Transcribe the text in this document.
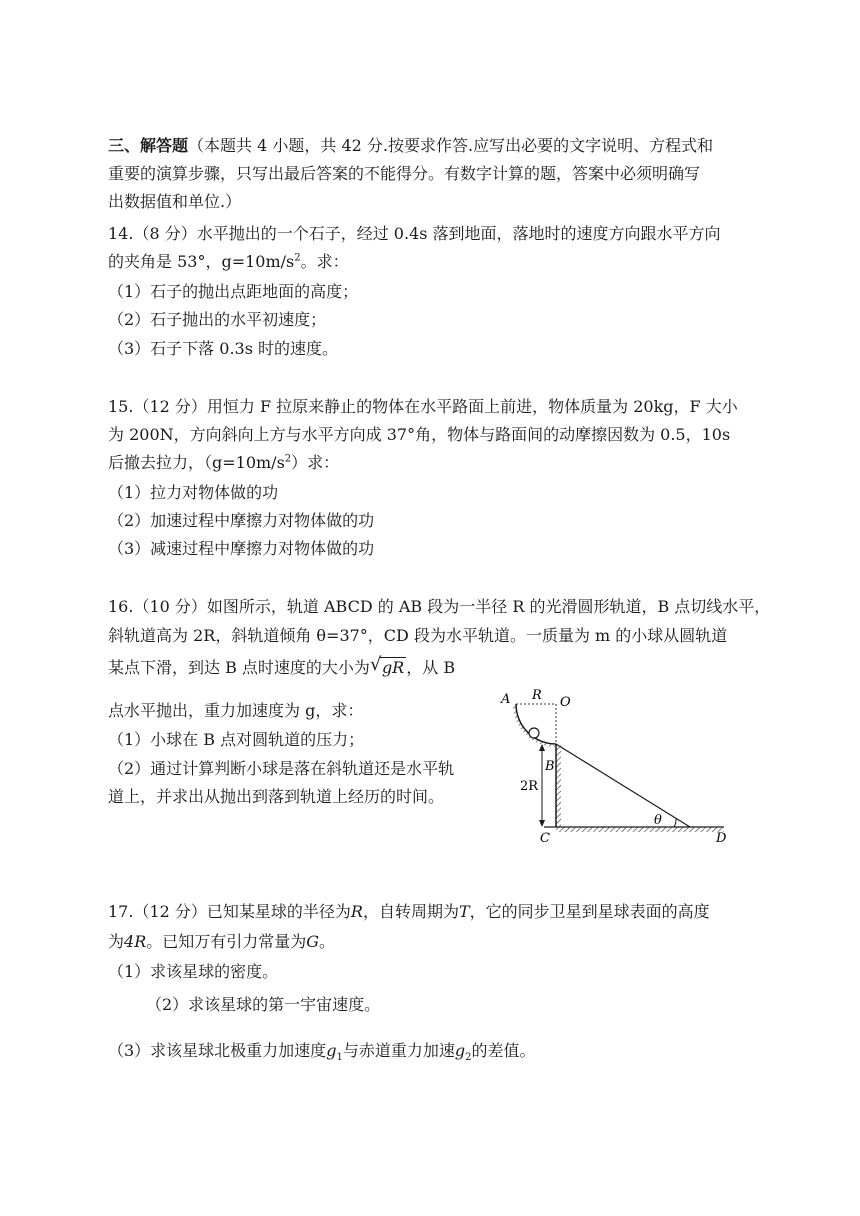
三、解答题（本题共 4 小题，共 42 分.按要求作答.应写出必要的文字说明、方程式和
重要的演算步骤，只写出最后答案的不能得分。有数字计算的题，答案中必须明确写
出数据值和单位.）
14.（8 分）水平抛出的一个石子，经过 0.4s 落到地面，落地时的速度方向跟水平方向
的夹角是 53°，$g=10m/s^2$。求：
（1）石子的抛出点距地面的高度；
（2）石子抛出的水平初速度；
（3）石子下落 0.3s 时的速度。
15.（12 分）用恒力 F 拉原来静止的物体在水平路面上前进，物体质量为 20kg，F 大小
为 200N，方向斜向上方与水平方向成 37°角，物体与路面间的动摩擦因数为 0.5，10s
后撤去拉力，$(g=10m/s^2)$求：
（1）拉力对物体做的功
（2）加速过程中摩擦力对物体做的功
（3）减速过程中摩擦力对物体做的功
16.（10 分）如图所示，轨道 ABCD 的 AB 段为一半径 R 的光滑圆形轨道，B 点切线水平，
斜轨道高为 2R，斜轨道倾角 θ=37°，CD 段为水平轨道。一质量为 m 的小球从圆轨道
某点下滑，到达 B 点时速度的大小为 √ gR ，从 B
点水平抛出，重力加速度为 g，求：
（1）小球在 B 点对圆轨道的压力；
（2）通过计算判断小球是落在斜轨道还是水平轨
道上，并求出从抛出到落到轨道上经历的时间。
A R O
B
2R
θ
C	D
17.（12 分）已知某星球的半径为R，自转周期为T，它的同步卫星到星球表面的高度
为4R。已知万有引力常量为G。
（1）求该星球的密度。
（2）求该星球的第一宇宙速度。
（3）求该星球北极重力加速度$g_1$与赤道重力加速$g_2$的差值。
